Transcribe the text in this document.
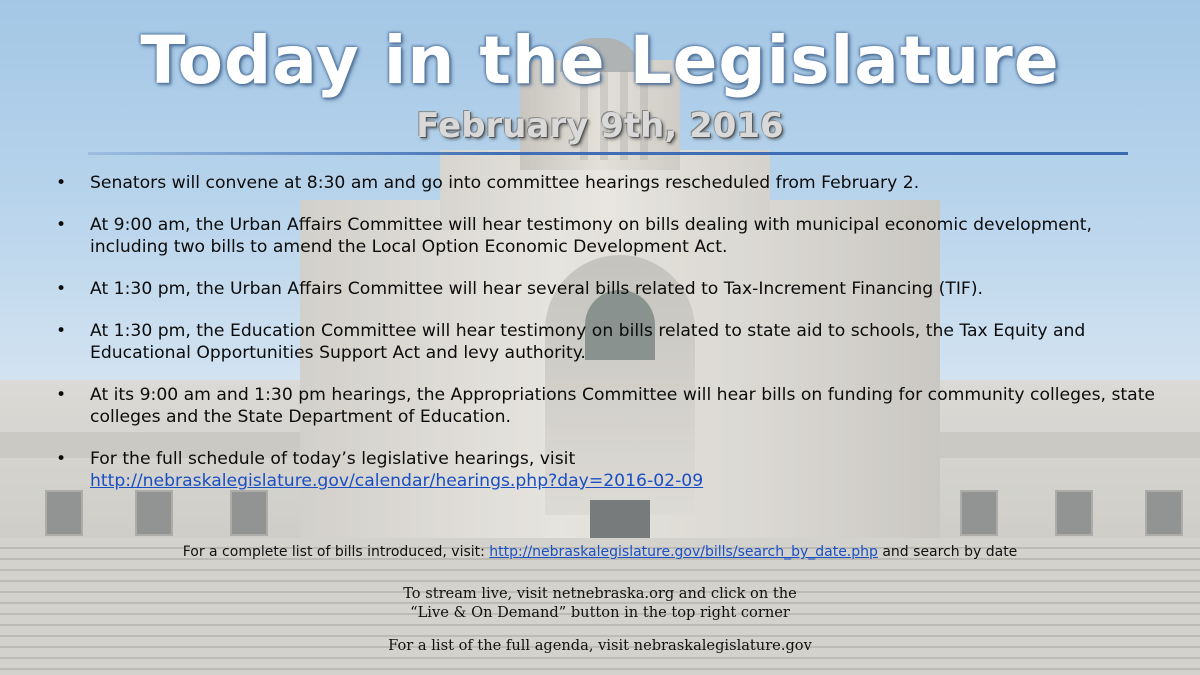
Today in the Legislature
February 9th, 2016
• Senators will convene at 8:30 am and go into committee hearings rescheduled from February 2.
• At 9:00 am, the Urban Affairs Committee will hear testimony on bills dealing with municipal economic development, including two bills to amend the Local Option Economic Development Act.
• At 1:30 pm, the Urban Affairs Committee will hear several bills related to Tax-Increment Financing (TIF).
• At 1:30 pm, the Education Committee will hear testimony on bills related to state aid to schools, the Tax Equity and Educational Opportunities Support Act and levy authority.
• At its 9:00 am and 1:30 pm hearings, the Appropriations Committee will hear bills on funding for community colleges, state colleges and the State Department of Education.
• For the full schedule of today’s legislative hearings, visit
http://nebraskalegislature.gov/calendar/hearings.php?day=2016-02-09
For a complete list of bills introduced, visit: http://nebraskalegislature.gov/bills/search_by_date.php and search by date
To stream live, visit netnebraska.org and click on the
“Live & On Demand” button in the top right corner
For a list of the full agenda, visit nebraskalegislature.gov
